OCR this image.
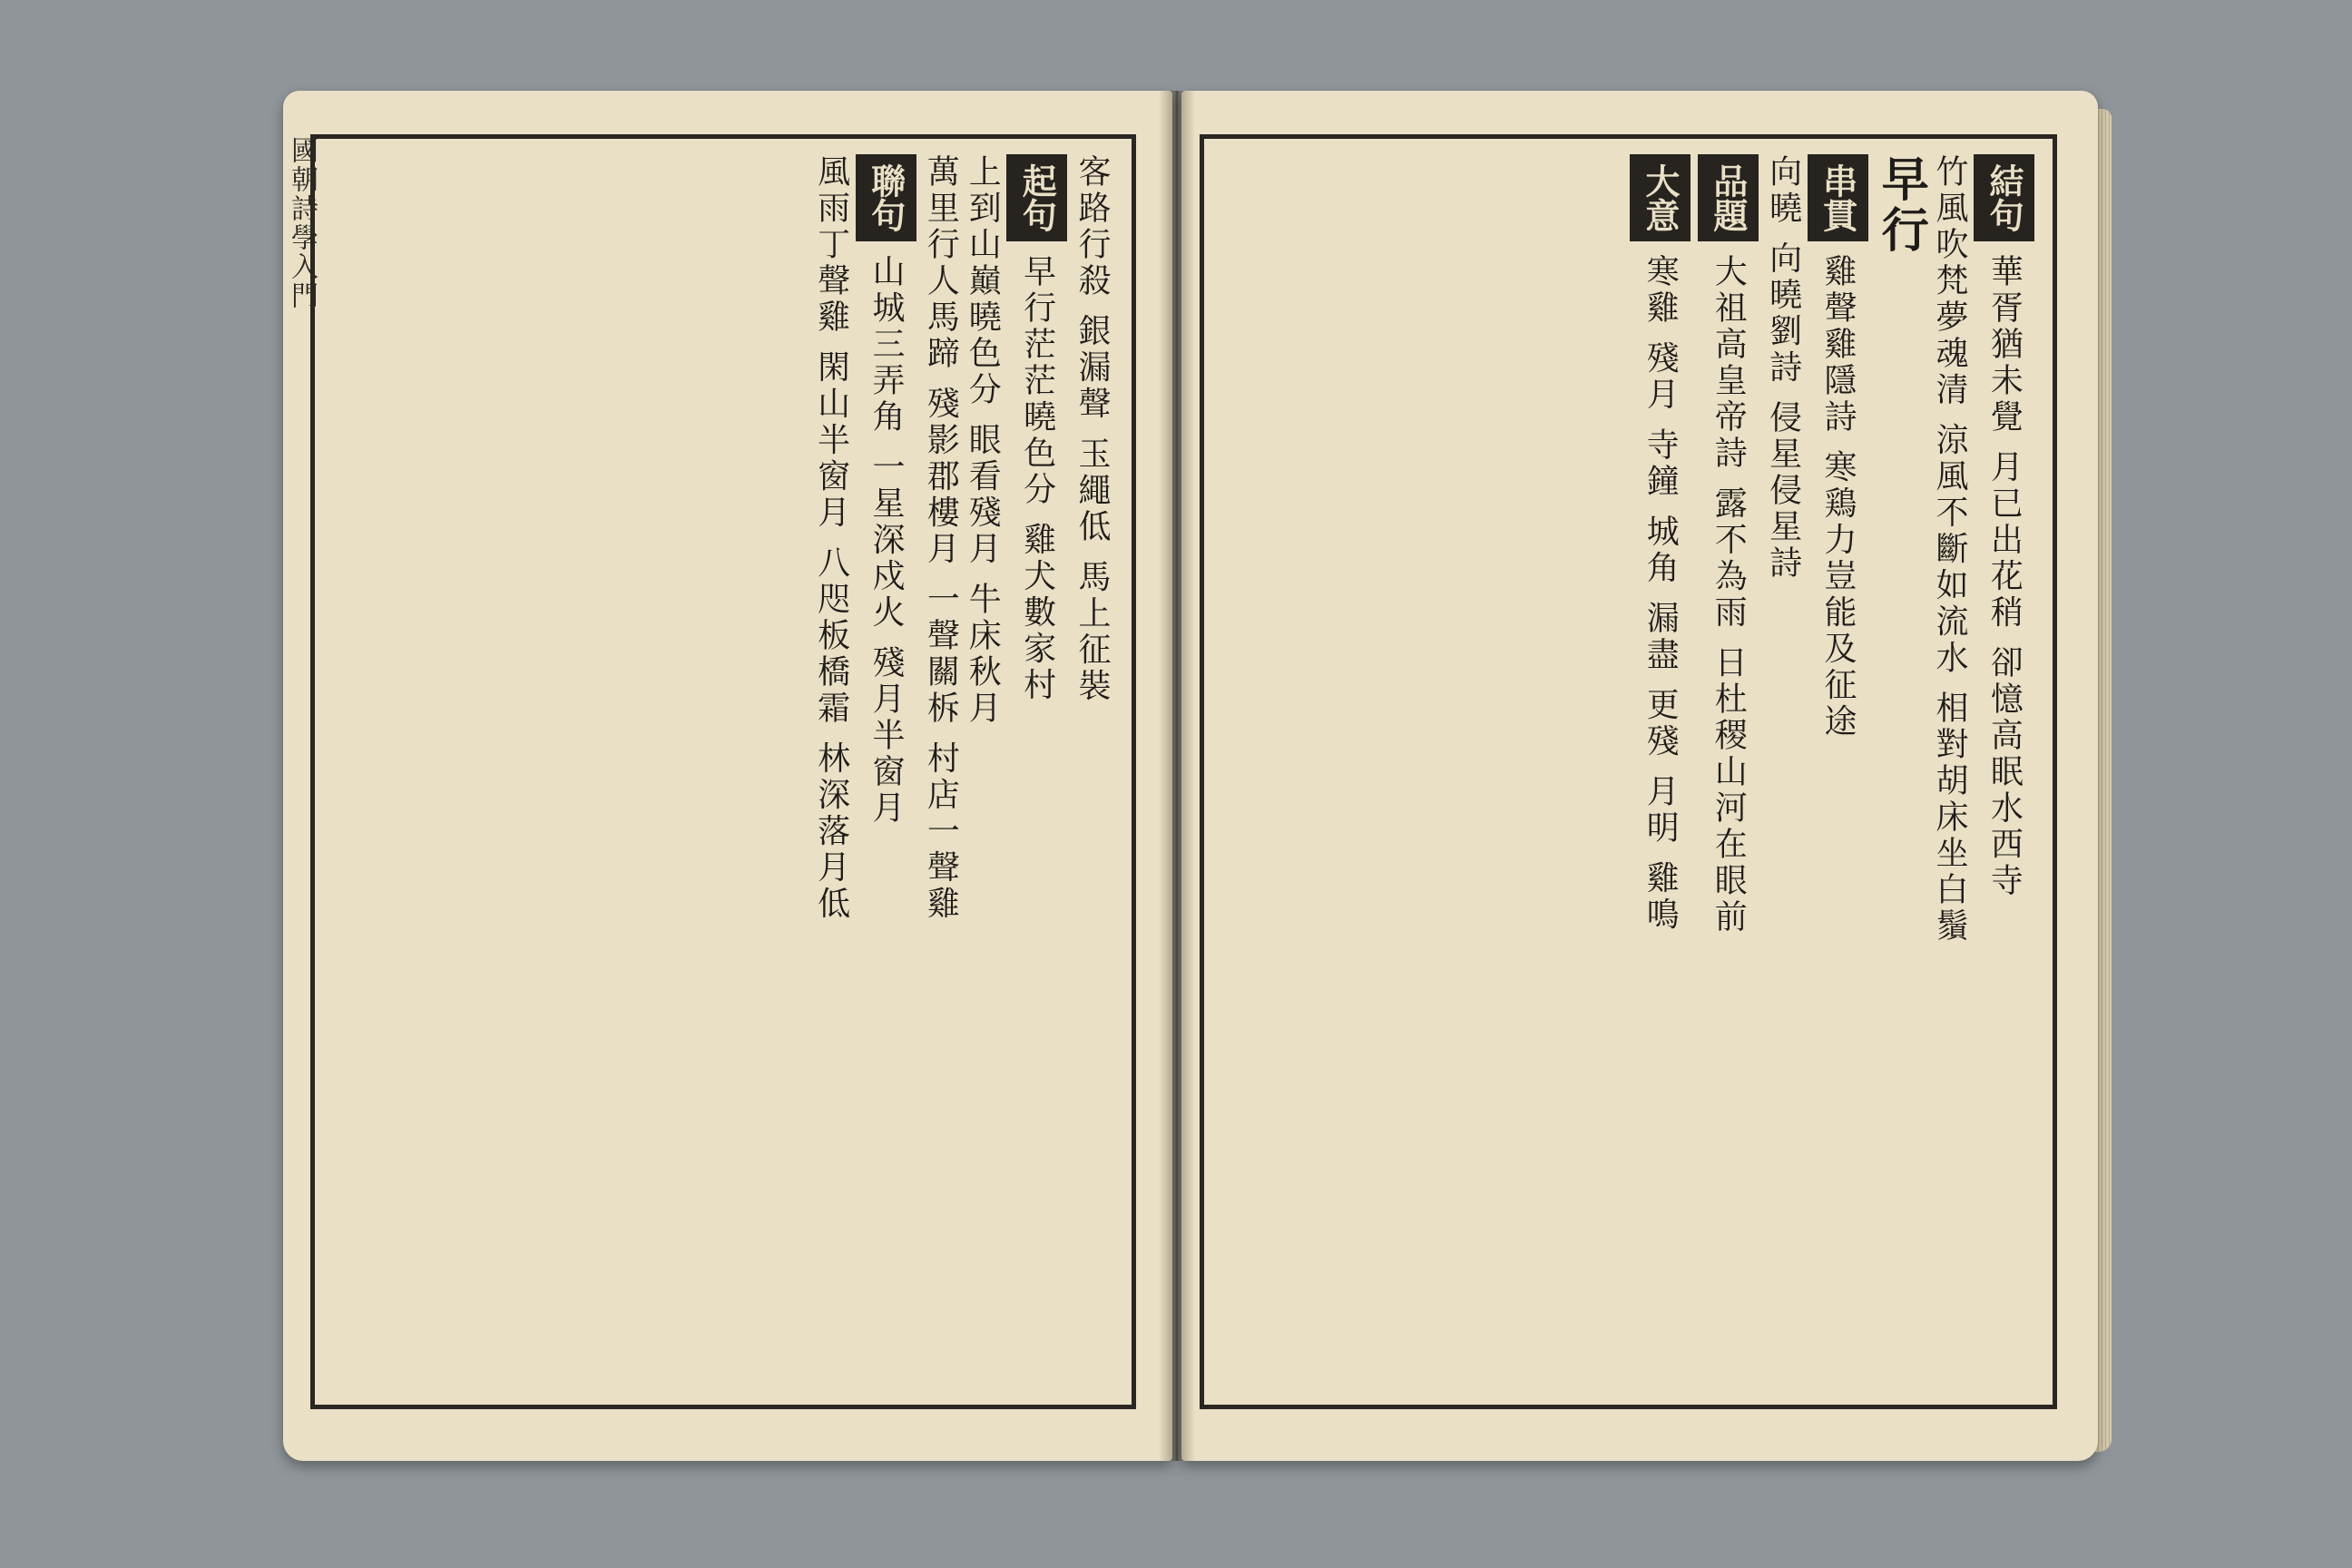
國朝詩學入門	客路行殺 銀漏聲 玉繩低 馬上征裝
起句
早行茫茫曉色分 雞犬數家村
上到山巔曉色分 眼看殘月 牛床秋月
萬里行人馬蹄 殘影郡樓月 一聲關柝 村店一聲雞
聯句
山城三弄角 一星深戍火 殘月半窗月
風雨丁聲雞 閑山半窗月 八咫板橋霜 林深落月低	結句
華胥猶未覺 月已出花稍 卻憶高眠水西寺
竹風吹梵夢魂清 涼風不斷如流水 相對胡床坐白鬚
早行
串貫
雞聲雞隱詩 寒鶏力豈能及征途
向曉 向曉劉詩 侵星侵星詩
品題
大祖高皇帝詩 露不為雨 日杜稷山河在眼前
大意
寒雞 殘月 寺鐘 城角 漏盡 更殘 月明 雞鳴
